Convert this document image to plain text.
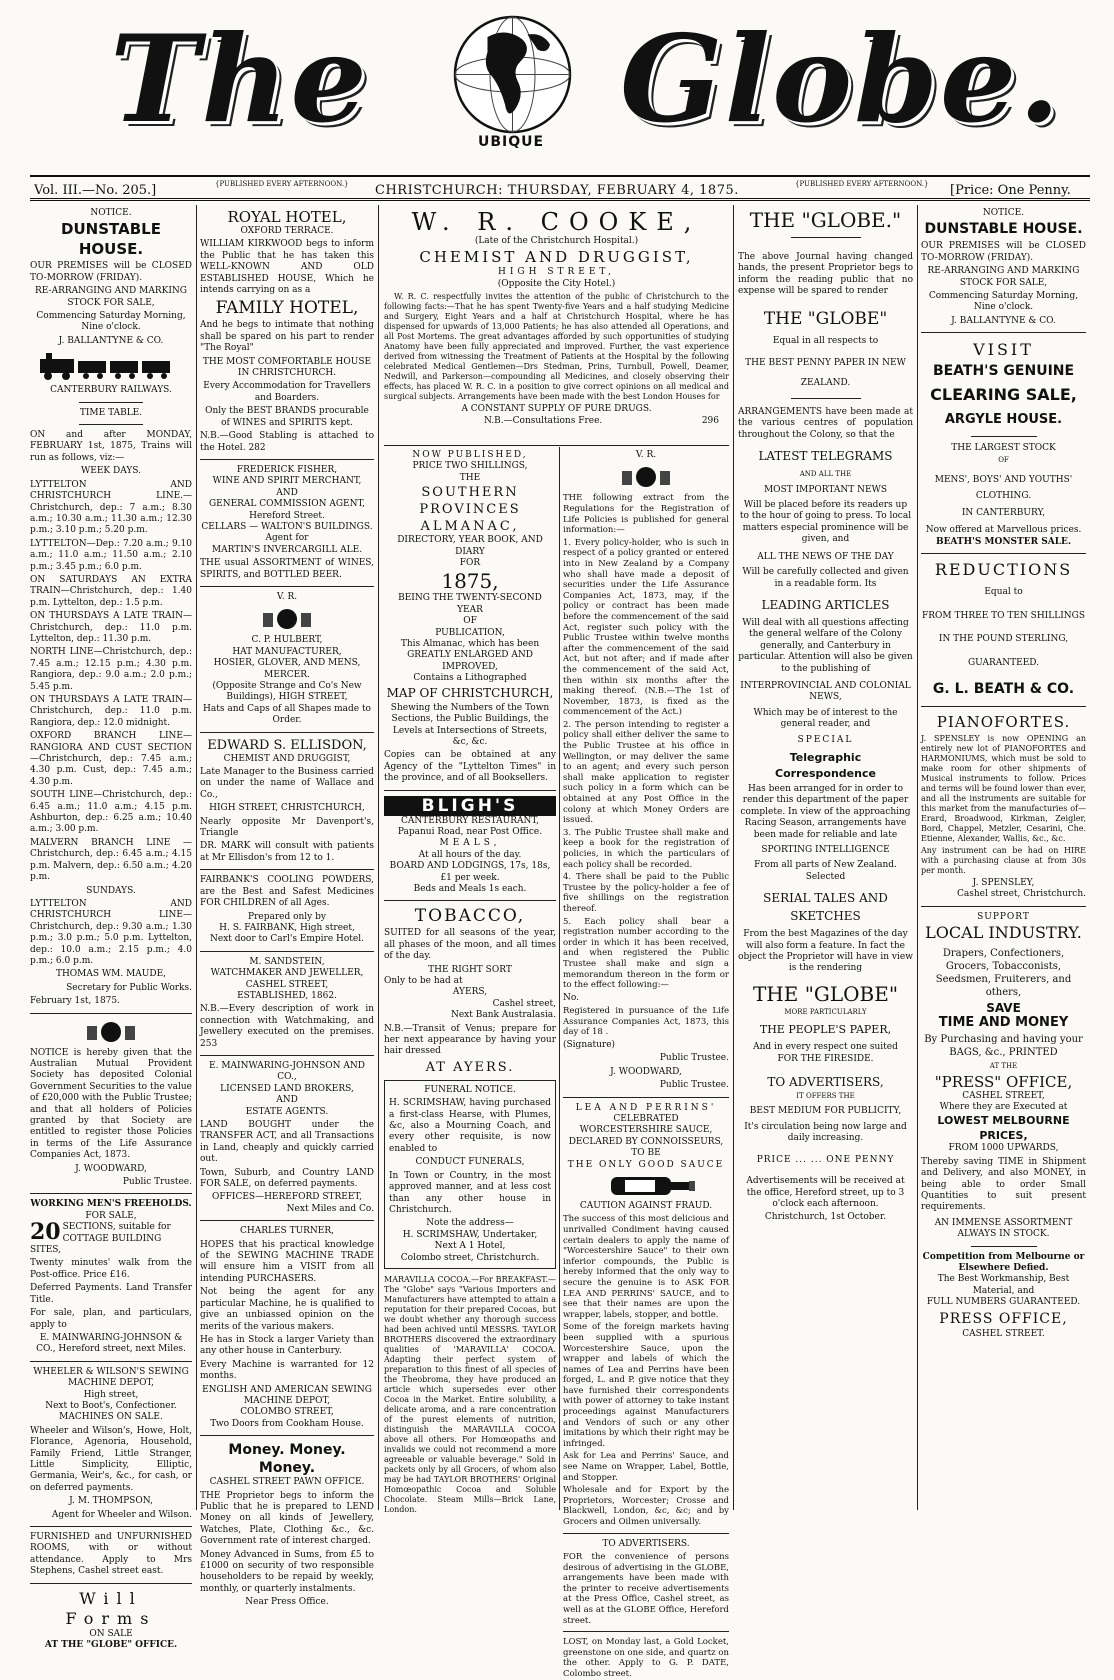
The	UBIQUE Globe.
Vol. III.—No. 205.]	{PUBLISHED EVERY AFTERNOON.} CHRISTCHURCH: THURSDAY, FEBRUARY 4, 1875.	{PUBLISHED EVERY AFTERNOON.} [Price: One Penny.
NOTICE.
DUNSTABLE HOUSE.

OUR PREMISES will be CLOSED TO-MORROW (FRIDAY).

RE-ARRANGING AND MARKING STOCK FOR SALE,

Commencing Saturday Morning, Nine o'clock.

J. BALLANTYNE & CO.

CANTERBURY RAILWAYS.
TIME TABLE.

ON and after MONDAY, FEBRUARY 1st, 1875, Trains will run as follows, viz:—

WEEK DAYS.

LYTTELTON AND CHRISTCHURCH LINE.—Christchurch, dep.: 7 a.m.; 8.30 a.m.; 10.30 a.m.; 11.30 a.m.; 12.30 p.m.; 3.10 p.m.; 5.20 p.m.

LYTTELTON—Dep.: 7.20 a.m.; 9.10 a.m.; 11.0 a.m.; 11.50 a.m.; 2.10 p.m.; 3.45 p.m.; 6.0 p.m.

ON SATURDAYS AN EXTRA TRAIN—Christchurch, dep.: 1.40 p.m. Lyttelton, dep.: 1.5 p.m.

ON THURSDAYS A LATE TRAIN—Christchurch, dep.: 11.0 p.m. Lyttelton, dep.: 11.30 p.m.

NORTH LINE—Christchurch, dep.: 7.45 a.m.; 12.15 p.m.; 4.30 p.m. Rangiora, dep.: 9.0 a.m.; 2.0 p.m.; 5.45 p.m.

ON THURSDAYS A LATE TRAIN—Christchurch, dep.: 11.0 p.m. Rangiora, dep.: 12.0 midnight.

OXFORD BRANCH LINE—RANGIORA AND CUST SECTION—Christchurch, dep.: 7.45 a.m.; 4.30 p.m. Cust, dep.: 7.45 a.m.; 4.30 p.m.

SOUTH LINE—Christchurch, dep.: 6.45 a.m.; 11.0 a.m.; 4.15 p.m. Ashburton, dep.: 6.25 a.m.; 10.40 a.m.; 3.00 p.m.

MALVERN BRANCH LINE — Christchurch, dep.: 6.45 a.m.; 4.15 p.m. Malvern, dep.: 6.50 a.m.; 4.20 p.m.

SUNDAYS.

LYTTELTON AND CHRISTCHURCH LINE—Christchurch, dep.: 9.30 a.m.; 1.30 p.m.; 3.0 p.m.; 5.0 p.m. Lyttelton, dep.: 10.0 a.m.; 2.15 p.m.; 4.0 p.m.; 6.0 p.m.

THOMAS WM. MAUDE,

Secretary for Public Works.

February 1st, 1875.

NOTICE is hereby given that the Australian Mutual Provident Society has deposited Colonial Government Securities to the value of £20,000 with the Public Trustee; and that all holders of Policies granted by that Society are entitled to register those Policies in terms of the Life Assurance Companies Act, 1873.

J. WOODWARD,

Public Trustee.

WORKING MEN'S FREEHOLDS.
FOR SALE,
20 SECTIONS, suitable for COTTAGE BUILDING SITES,

Twenty minutes' walk from the Post-office. Price £16.

Deferred Payments. Land Transfer Title.

For sale, plan, and particulars, apply to

E. MAINWARING-JOHNSON & CO., Hereford street, next Miles.

WHEELER & WILSON'S SEWING MACHINE DEPOT,
High street,
Next to Boot's, Confectioner.
MACHINES ON SALE.

Wheeler and Wilson's, Howe, Holt, Florance, Agenoria, Household, Family Friend, Little Stranger, Little Simplicity, Elliptic, Germania, Weir's, &c., for cash, or on deferred payments.

J. M. THOMPSON,

Agent for Wheeler and Wilson.

FURNISHED and UNFURNISHED ROOMS, with or without attendance. Apply to Mrs Stephens, Cashel street east.

Will Forms
ON SALE
AT THE "GLOBE" OFFICE.
ROYAL HOTEL,
OXFORD TERRACE.

WILLIAM KIRKWOOD begs to inform the Public that he has taken this WELL-KNOWN AND OLD ESTABLISHED HOUSE, Which he intends carrying on as a

FAMILY HOTEL,

And he begs to intimate that nothing shall be spared on his part to render "The Royal"

THE MOST COMFORTABLE HOUSE IN CHRISTCHURCH.

Every Accommodation for Travellers and Boarders.

Only the BEST BRANDS procurable of WINES and SPIRITS kept.

N.B.—Good Stabling is attached to the Hotel. 282

FREDERICK FISHER,
WINE AND SPIRIT MERCHANT,
AND
GENERAL COMMISSION AGENT,
Hereford Street.
CELLARS — WALTON'S BUILDINGS.
Agent for
MARTIN'S INVERCARGILL ALE.

THE usual ASSORTMENT of WINES, SPIRITS, and BOTTLED BEER.

V. R.
C. P. HULBERT,
HAT MANUFACTURER,
HOSIER, GLOVER, AND MENS, MERCER.
(Opposite Strange and Co's New Buildings), HIGH STREET,
Hats and Caps of all Shapes made to Order.
EDWARD S. ELLISDON,
CHEMIST AND DRUGGIST,

Late Manager to the Business carried on under the name of Wallace and Co.,

HIGH STREET, CHRISTCHURCH,

Nearly opposite Mr Davenport's, Triangle

DR. MARK will consult with patients at Mr Ellisdon's from 12 to 1.

FAIRBANK'S COOLING POWDERS, are the Best and Safest Medicines FOR CHILDREN of all Ages.

Prepared only by
H. S. FAIRBANK, High street,
Next door to Carl's Empire Hotel.
M. SANDSTEIN,
WATCHMAKER AND JEWELLER,
CASHEL STREET,
ESTABLISHED, 1862.

N.B.—Every description of work in connection with Watchmaking, and Jewellery executed on the premises. 253

E. MAINWARING-JOHNSON AND CO.,
LICENSED LAND BROKERS,
AND
ESTATE AGENTS.

LAND BOUGHT under the TRANSFER ACT, and all Transactions in Land, cheaply and quickly carried out.

Town, Suburb, and Country LAND FOR SALE, on deferred payments.

OFFICES—HEREFORD STREET,
Next Miles and Co.
CHARLES TURNER,

HOPES that his practical knowledge of the SEWING MACHINE TRADE will ensure him a VISIT from all intending PURCHASERS.

Not being the agent for any particular Machine, he is qualified to give an unbiassed opinion on the merits of the various makers.

He has in Stock a larger Variety than any other house in Canterbury.

Every Machine is warranted for 12 months.

ENGLISH AND AMERICAN SEWING MACHINE DEPOT,
COLOMBO STREET,
Two Doors from Cookham House.
Money. Money. Money.
CASHEL STREET PAWN OFFICE.

THE Proprietor begs to inform the Public that he is prepared to LEND Money on all kinds of Jewellery, Watches, Plate, Clothing &c., &c. Government rate of interest charged.

Money Advanced in Sums, from £5 to £1000 on security of two responsible householders to be repaid by weekly, monthly, or quarterly instalments.

Near Press Office.
W. R. COOKE,
(Late of the Christchurch Hospital.)
CHEMIST AND DRUGGIST,
HIGH STREET,
(Opposite the City Hotel.)

W. R. C. respectfully invites the attention of the public of Christchurch to the following facts:—That he has spent Twenty-five Years and a half studying Medicine and Surgery, Eight Years and a half at Christchurch Hospital, where he has dispensed for upwards of 13,000 Patients; he has also attended all Operations, and all Post Mortems. The great advantages afforded by such opportunities of studying Anatomy have been fully appreciated and improved. Further, the vast experience derived from witnessing the Treatment of Patients at the Hospital by the following celebrated Medical Gentlemen—Drs Stedman, Prins, Turnbull, Powell, Deamer, Nedwill, and Parkerson—compounding all Medicines, and closely observing their effects, has placed W. R. C. in a position to give correct opinions on all medical and surgical subjects. Arrangements have been made with the best London Houses for

A CONSTANT SUPPLY OF PURE DRUGS.
N.B.—Consultations Free.	296
NOW PUBLISHED,
PRICE TWO SHILLINGS,
THE
SOUTHERN PROVINCES
ALMANAC,
DIRECTORY, YEAR BOOK, AND
DIARY
FOR
1875,
BEING THE TWENTY-SECOND YEAR
OF
PUBLICATION,
This Almanac, which has been
GREATLY ENLARGED AND
IMPROVED,
Contains a Lithographed
MAP OF CHRISTCHURCH,

Shewing the Numbers of the Town Sections, the Public Buildings, the Levels at Intersections of Streets, &c, &c.

Copies can be obtained at any Agency of the "Lyttelton Times" in the province, and of all Booksellers.

BLIGH'S
CANTERBURY RESTAURANT,
Papanui Road, near Post Office.
MEALS,
At all hours of the day.
BOARD AND LODGINGS, 17s, 18s, £1 per week.
Beds and Meals 1s each.
TOBACCO,

SUITED for all seasons of the year, all phases of the moon, and all times of the day.

THE RIGHT SORT
Only to be had at
AYERS,
Cashel street,
Next Bank Australasia.

N.B.—Transit of Venus; prepare for her next appearance by having your hair dressed

AT AYERS.
FUNERAL NOTICE.

H. SCRIMSHAW, having purchased a first-class Hearse, with Plumes, &c, also a Mourning Coach, and every other requisite, is now enabled to

CONDUCT FUNERALS,

In Town or Country, in the most approved manner, and at less cost than any other house in Christchurch.

Note the address—
H. SCRIMSHAW, Undertaker,
Next A 1 Hotel,
Colombo street, Christchurch.

MARAVILLA COCOA.—For BREAKFAST.—The "Globe" says "Various Importers and Manufacturers have attempted to attain a reputation for their prepared Cocoas, but we doubt whether any thorough success had been achived until MESSRS. TAYLOR BROTHERS discovered the extraordinary qualities of 'MARAVILLA' COCOA. Adapting their perfect system of preparation to this finest of all species of the Theobroma, they have produced an article which supersedes ever other Cocoa in the Market. Entire solubility, a delicate aroma, and a rare concentration of the purest elements of nutrition, distinguish the MARAVILLA COCOA above all others. For Homœopaths and invalids we could not recommend a more agreeable or valuable beverage." Sold in packets only by all Grocers, of whom also may be had TAYLOR BROTHERS' Original Homœopathic Cocoa and Soluble Chocolate. Steam Mills—Brick Lane, London.

V. R.

THE following extract from the Regulations for the Registration of Life Policies is published for general information:—

1. Every policy-holder, who is such in respect of a policy granted or entered into in New Zealand by a Company who shall have made a deposit of securities under the Life Assurance Companies Act, 1873, may, if the policy or contract has been made before the commencement of the said Act, register such policy with the Public Trustee within twelve months after the commencement of the said Act, but not after; and if made after the commencement of the said Act, then within six months after the making thereof. (N.B.—The 1st of November, 1873, is fixed as the commencement of the Act.)

2. The person intending to register a policy shall either deliver the same to the Public Trustee at his office in Wellington, or may deliver the same to an agent; and every such person shall make application to register such policy in a form which can be obtained at any Post Office in the colony at which Money Orders are issued.

3. The Public Trustee shall make and keep a book for the registration of policies, in which the particulars of each policy shall be recorded.

4. There shall be paid to the Public Trustee by the policy-holder a fee of five shillings on the registration thereof.

5. Each policy shall bear a registration number according to the order in which it has been received, and when registered the Public Trustee shall make and sign a memorandum thereon in the form or to the effect following:—

No.

Registered in pursuance of the Life Assurance Companies Act, 1873, this day of 18 .

(Signature)

Public Trustee.

J. WOODWARD,

Public Trustee.

LEA AND PERRINS'
CELEBRATED
WORCESTERSHIRE SAUCE,
DECLARED BY CONNOISSEURS,
TO BE
THE ONLY GOOD SAUCE
CAUTION AGAINST FRAUD.

The success of this most delicious and unrivalled Condiment having caused certain dealers to apply the name of "Worcestershire Sauce" to their own inferior compounds, the Public is hereby informed that the only way to secure the genuine is to ASK FOR LEA AND PERRINS' SAUCE, and to see that their names are upon the wrapper, labels, stopper, and bottle.

Some of the foreign markets having been supplied with a spurious Worcestershire Sauce, upon the wrapper and labels of which the names of Lea and Perrins have been forged, L. and P. give notice that they have furnished their correspondents with power of attorney to take instant proceedings against Manufacturers and Vendors of such or any other imitations by which their right may be infringed.

Ask for Lea and Perrins' Sauce, and see Name on Wrapper, Label, Bottle, and Stopper.

Wholesale and for Export by the Proprietors, Worcester; Crosse and Blackwell, London, &c, &c; and by Grocers and Oilmen universally.

TO ADVERTISERS.

FOR the convenience of persons desirous of advertising in the GLOBE, arrangements have been made with the printer to receive advertisements at the Press Office, Cashel street, as well as at the GLOBE Office, Hereford street.

LOST, on Monday last, a Gold Locket, greenstone on one side, and quartz on the other. Apply to G. P. DATE, Colombo street.

THE "GLOBE."

The above Journal having changed hands, the present Proprietor begs to inform the reading public that no expense will be spared to render

THE "GLOBE"
Equal in all respects to
THE BEST PENNY PAPER IN NEW ZEALAND.

ARRANGEMENTS have been made at the various centres of population throughout the Colony, so that the

LATEST TELEGRAMS
AND ALL THE
MOST IMPORTANT NEWS

Will be placed before its readers up to the hour of going to press. To local matters especial prominence will be given, and

ALL THE NEWS OF THE DAY

Will be carefully collected and given in a readable form. Its

LEADING ARTICLES

Will deal with all questions affecting the general welfare of the Colony generally, and Canterbury in particular. Attention will also be given to the publishing of

INTERPROVINCIAL AND COLONIAL NEWS,

Which may be of interest to the general reader, and

SPECIAL
Telegraphic Correspondence

Has been arranged for in order to render this department of the paper complete. In view of the approaching Racing Season, arrangements have been made for reliable and late

SPORTING INTELLIGENCE
From all parts of New Zealand. Selected
SERIAL TALES AND
SKETCHES

From the best Magazines of the day will also form a feature. In fact the object the Proprietor will have in view is the rendering

THE "GLOBE"
MORE PARTICULARLY
THE PEOPLE'S PAPER,
And in every respect one suited
FOR THE FIRESIDE.
TO ADVERTISERS,
IT OFFERS THE
BEST MEDIUM FOR PUBLICITY,

It's circulation being now large and daily increasing.

PRICE ... ... ONE PENNY

Advertisements will be received at the office, Hereford street, up to 3 o'clock each afternoon.

Christchurch, 1st October.
NOTICE.
DUNSTABLE HOUSE.

OUR PREMISES will be CLOSED TO-MORROW (FRIDAY).

RE-ARRANGING AND MARKING STOCK FOR SALE,

Commencing Saturday Morning, Nine o'clock.

J. BALLANTYNE & CO.

VISIT
BEATH'S GENUINE
CLEARING SALE,
ARGYLE HOUSE.
THE LARGEST STOCK
OF
MENS', BOYS' AND YOUTHS' CLOTHING.
IN CANTERBURY,
Now offered at Marvellous prices.
BEATH'S MONSTER SALE.
REDUCTIONS
Equal to
FROM THREE TO TEN SHILLINGS
IN THE POUND STERLING,
GUARANTEED.
G. L. BEATH & CO.
PIANOFORTES.

J. SPENSLEY is now OPENING an entirely new lot of PIANOFORTES and HARMONIUMS, which must be sold to make room for other shipments of Musical instruments to follow. Prices and terms will be found lower than ever, and all the instruments are suitable for this market from the manufacturies of—Erard, Broadwood, Kirkman, Zeigler, Bord, Chappel, Metzler, Cesarini, Che. Etienne, Alexander, Wallis, &c., &c.

Any instrument can be had on HIRE with a purchasing clause at from 30s per month.

J. SPENSLEY,
Cashel street, Christchurch.
SUPPORT
LOCAL INDUSTRY.

Drapers, Confectioners, Grocers, Tobacconists, Seedsmen, Fruiterers, and others,

SAVE
TIME AND MONEY

By Purchasing and having your BAGS, &c., PRINTED

AT THE
"PRESS" OFFICE,
CASHEL STREET,
Where they are Executed at
LOWEST MELBOURNE PRICES,
FROM 1000 UPWARDS,

Thereby saving TIME in Shipment and Delivery, and also MONEY, in being able to order Small Quantities to suit present requirements.

AN IMMENSE ASSORTMENT ALWAYS IN STOCK.
Competition from Melbourne or Elsewhere Defied.
The Best Workmanship, Best Material, and
FULL NUMBERS GUARANTEED.
PRESS OFFICE,
CASHEL STREET.
